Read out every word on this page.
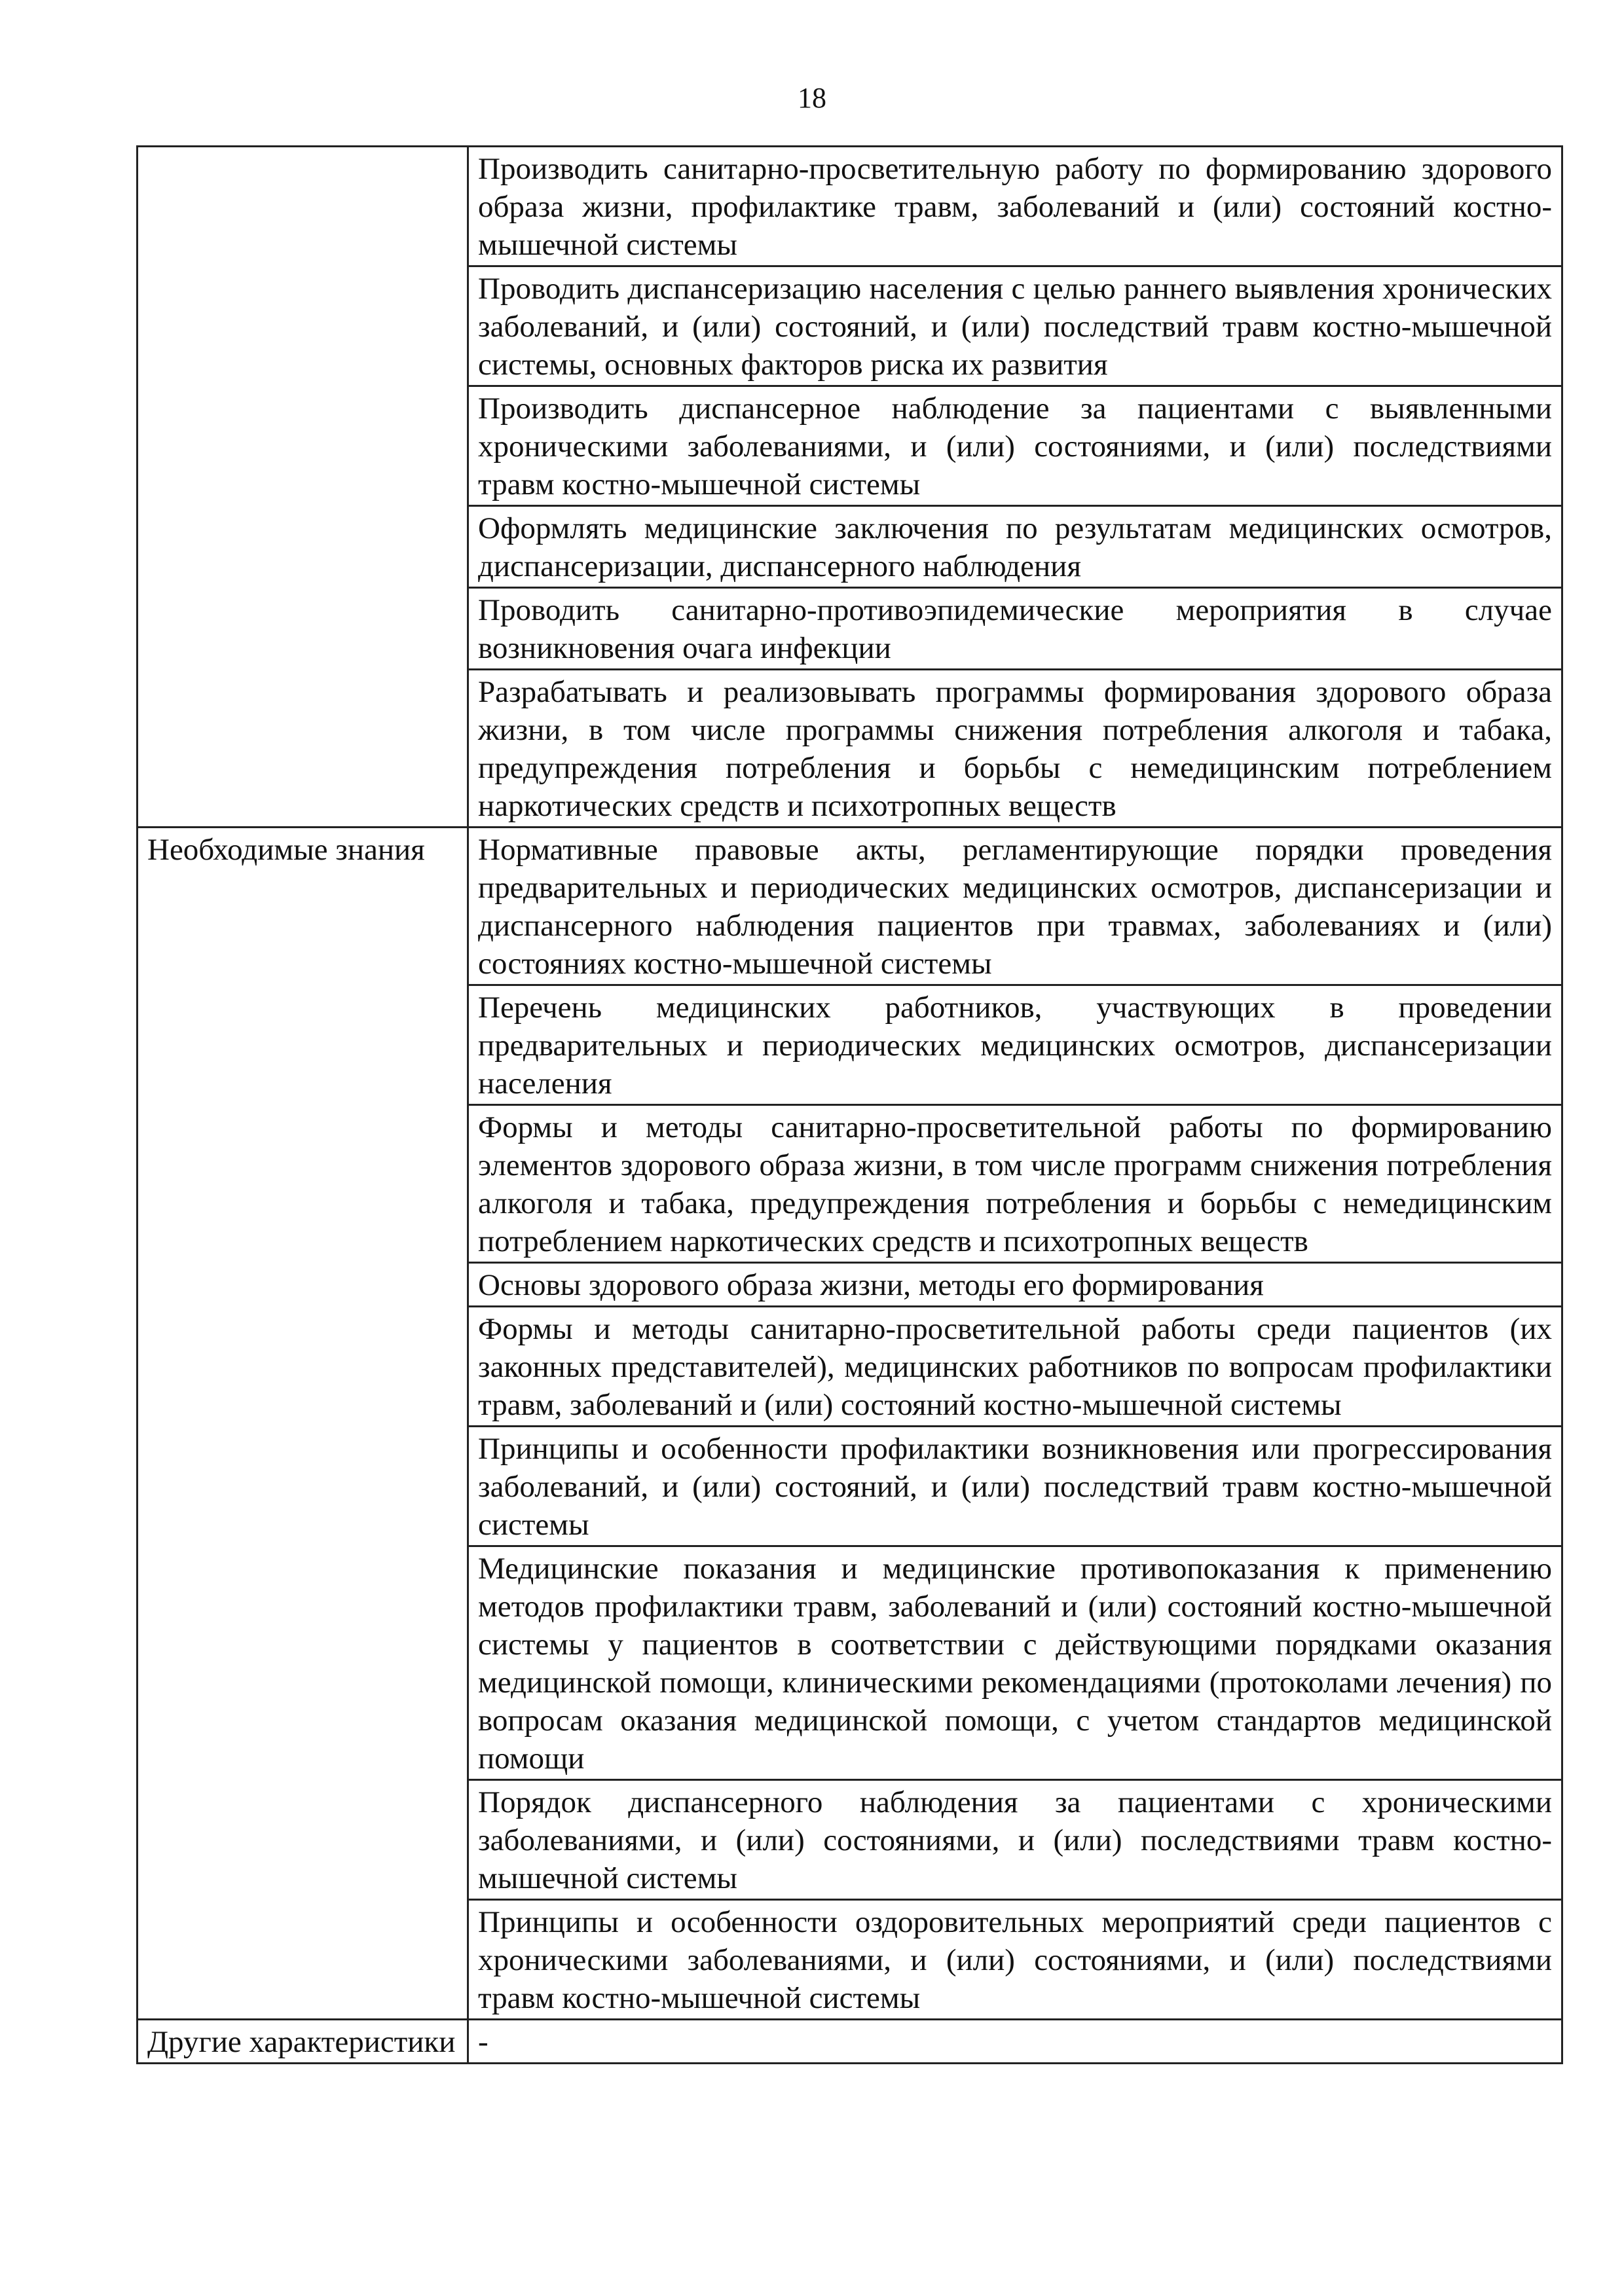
18
	Производить санитарно-просветительную работу по формированию здорового образа жизни, профилактике травм, заболеваний и (или) состояний костно-мышечной системы
	Проводить диспансеризацию населения с целью раннего выявления хронических заболеваний, и (или) состояний, и (или) последствий травм костно-мышечной системы, основных факторов риска их развития
	Производить диспансерное наблюдение за пациентами с выявленными хроническими заболеваниями, и (или) состояниями, и (или) последствиями травм костно-мышечной системы
	Оформлять медицинские заключения по результатам медицинских осмотров, диспансеризации, диспансерного наблюдения
	Проводить санитарно-противоэпидемические мероприятия в случае возникновения очага инфекции
	Разрабатывать и реализовывать программы формирования здорового образа жизни, в том числе программы снижения потребления алкоголя и табака, предупреждения потребления и борьбы с немедицинским потреблением наркотических средств и психотропных веществ
Необходимые знания	Нормативные правовые акты, регламентирующие порядки проведения предварительных и периодических медицинских осмотров, диспансеризации и диспансерного наблюдения пациентов при травмах, заболеваниях и (или) состояниях костно-мышечной системы
	Перечень медицинских работников, участвующих в проведении предварительных и периодических медицинских осмотров, диспансеризации населения
	Формы и методы санитарно-просветительной работы по формированию элементов здорового образа жизни, в том числе программ снижения потребления алкоголя и табака, предупреждения потребления и борьбы с немедицинским потреблением наркотических средств и психотропных веществ
	Основы здорового образа жизни, методы его формирования
	Формы и методы санитарно-просветительной работы среди пациентов (их законных представителей), медицинских работников по вопросам профилактики травм, заболеваний и (или) состояний костно-мышечной системы
	Принципы и особенности профилактики возникновения или прогрессирования заболеваний, и (или) состояний, и (или) последствий травм костно-мышечной системы
	Медицинские показания и медицинские противопоказания к применению методов профилактики травм, заболеваний и (или) состояний костно-мышечной системы у пациентов в соответствии с действующими порядками оказания медицинской помощи, клиническими рекомендациями (протоколами лечения) по вопросам оказания медицинской помощи, с учетом стандартов медицинской помощи
	Порядок диспансерного наблюдения за пациентами с хроническими заболеваниями, и (или) состояниями, и (или) последствиями травм костно-мышечной системы
	Принципы и особенности оздоровительных мероприятий среди пациентов с хроническими заболеваниями, и (или) состояниями, и (или) последствиями травм костно-мышечной системы
Другие характеристики	-
